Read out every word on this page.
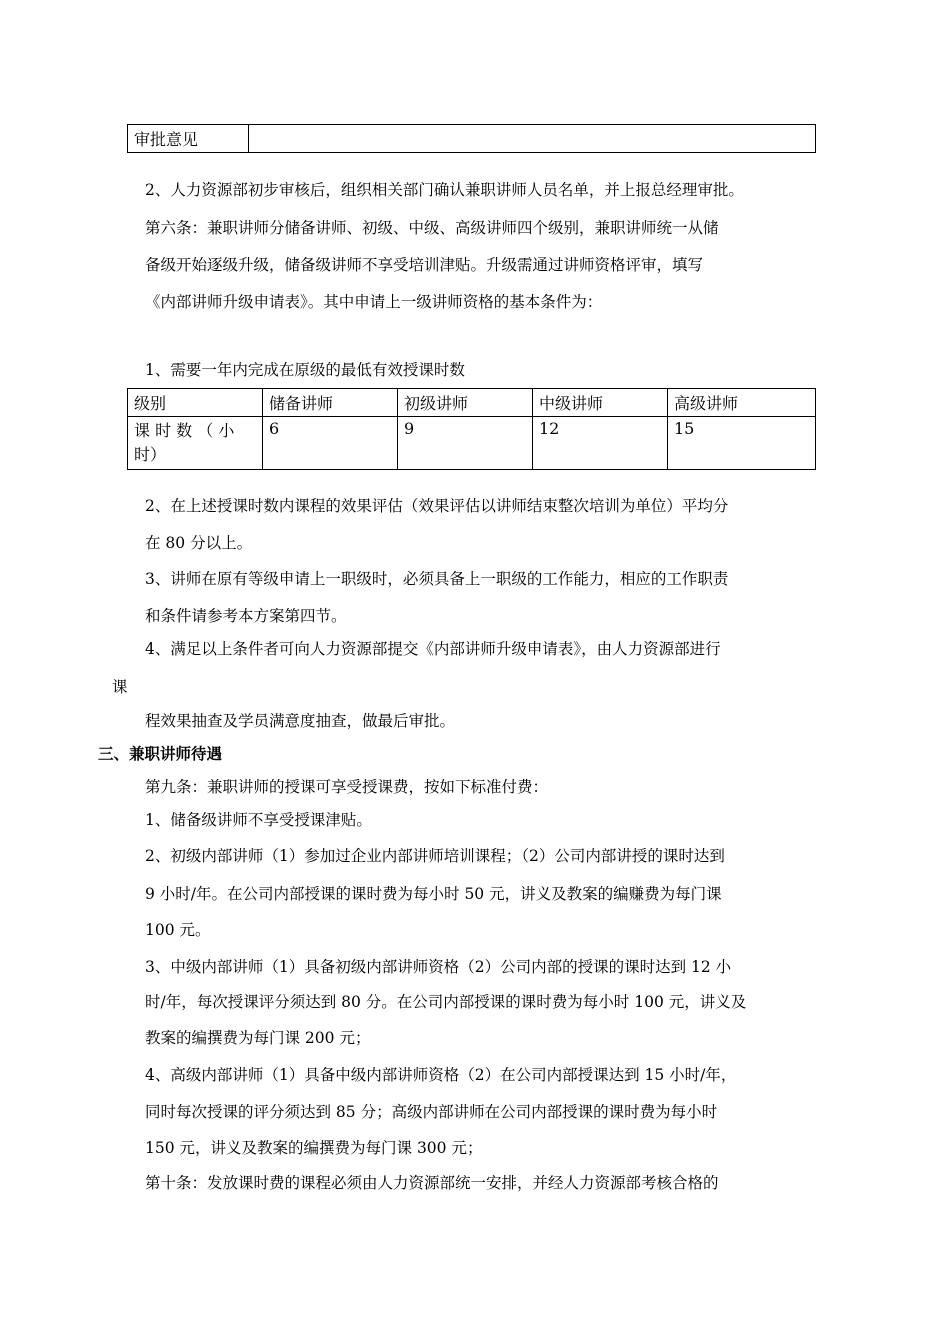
审批意见	
2、人力资源部初步审核后，组织相关部门确认兼职讲师人员名单，并上报总经理审批。
第六条：兼职讲师分储备讲师、初级、中级、高级讲师四个级别，兼职讲师统一从储
备级开始逐级升级，储备级讲师不享受培训津贴。升级需通过讲师资格评审，填写
《内部讲师升级申请表》。其中申请上一级讲师资格的基本条件为：
1、需要一年内完成在原级的最低有效授课时数
级别	储备讲师	初级讲师	中级讲师	高级讲师
课 时 数 （ 小
时）	6	9	12	15
2、在上述授课时数内课程的效果评估（效果评估以讲师结束整次培训为单位）平均分
在 80 分以上。
3、讲师在原有等级申请上一职级时，必须具备上一职级的工作能力，相应的工作职责
和条件请参考本方案第四节。
4、满足以上条件者可向人力资源部提交《内部讲师升级申请表》，由人力资源部进行
课
程效果抽查及学员满意度抽查，做最后审批。
三、兼职讲师待遇
第九条：兼职讲师的授课可享受授课费，按如下标准付费：
1、储备级讲师不享受授课津贴。
2、初级内部讲师（1）参加过企业内部讲师培训课程；（2）公司内部讲授的课时达到
9 小时/年。在公司内部授课的课时费为每小时 50 元，讲义及教案的编赚费为每门课
100 元。
3、中级内部讲师（1）具备初级内部讲师资格（2）公司内部的授课的课时达到 12 小
时/年，每次授课评分须达到 80 分。在公司内部授课的课时费为每小时 100 元，讲义及
教案的编撰费为每门课 200 元；
4、高级内部讲师（1）具备中级内部讲师资格（2）在公司内部授课达到 15 小时/年，
同时每次授课的评分须达到 85 分；高级内部讲师在公司内部授课的课时费为每小时
150 元，讲义及教案的编撰费为每门课 300 元；
第十条：发放课时费的课程必须由人力资源部统一安排，并经人力资源部考核合格的
